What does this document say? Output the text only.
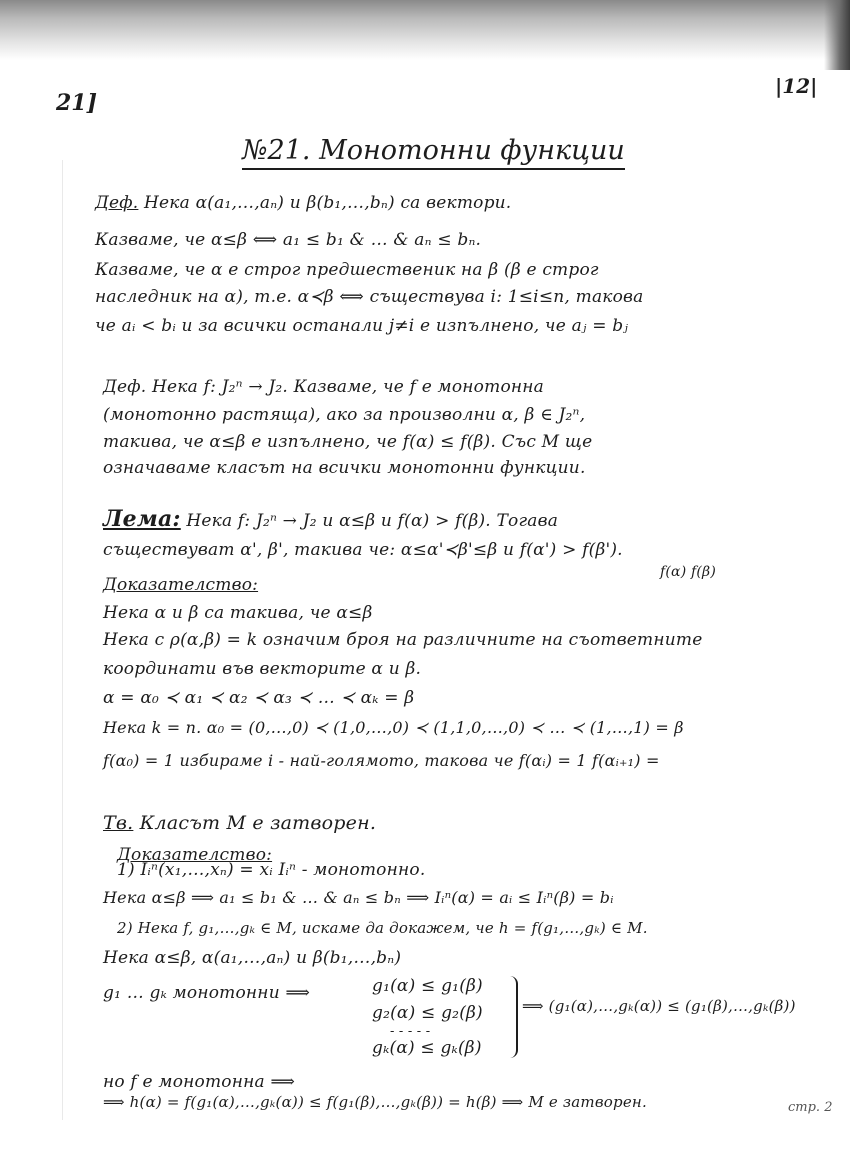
21]
|12|
№21. Монотонни функции
Деф. Нека α(a₁,…,aₙ) и β(b₁,…,bₙ) са вектори.
Казваме, че α≤β ⟺ a₁ ≤ b₁ & … & aₙ ≤ bₙ.
Казваме, че α е строг предшественик на β (β е строг
наследник на α), т.е. α≺β ⟺ съществува i: 1≤i≤n, такова
че aᵢ < bᵢ и за всички останали j≠i е изпълнено, че aⱼ = bⱼ
Деф. Нека f: J₂ⁿ → J₂. Казваме, че f е монотонна
(монотонно растяща), ако за произволни α, β ∈ J₂ⁿ,
такива, че α≤β е изпълнено, че f(α) ≤ f(β). Със M ще
означаваме класът на всички монотонни функции.
Лема: Нека f: J₂ⁿ → J₂ и α≤β и f(α) > f(β). Тогава
съществуват α', β', такива че: α≤α'≺β'≤β и f(α') > f(β').
f(α) f(β)
Доказателство:
Нека α и β са такива, че α≤β
Нека с ρ(α,β) = k означим броя на различните на съответните
координати във векторите α и β.
α = α₀ ≺ α₁ ≺ α₂ ≺ α₃ ≺ … ≺ αₖ = β
Нека k = n. α₀ = (0,…,0) ≺ (1,0,…,0) ≺ (1,1,0,…,0) ≺ … ≺ (1,…,1) = β
f(α₀) = 1 избираме i - най-голямото, такова че f(αᵢ) = 1 f(αᵢ₊₁) =
Тв. Класът M е затворен.
Доказателство:
1) Iᵢⁿ(x₁,…,xₙ) = xᵢ Iᵢⁿ - монотонно.
Нека α≤β ⟹ a₁ ≤ b₁ & … & aₙ ≤ bₙ ⟹ Iᵢⁿ(α) = aᵢ ≤ Iᵢⁿ(β) = bᵢ
2) Нека f, g₁,…,gₖ ∈ M, искаме да докажем, че h = f(g₁,…,gₖ) ∈ M.
Нека α≤β, α(a₁,…,aₙ) и β(b₁,…,bₙ)
g₁ … gₖ монотонни ⟹	g₁(α) ≤ g₁(β)
g₂(α) ≤ g₂(β)
- - - - -
gₖ(α) ≤ gₖ(β)
⟹ (g₁(α),…,gₖ(α)) ≤ (g₁(β),…,gₖ(β))
но f е монотонна ⟹
⟹ h(α) = f(g₁(α),…,gₖ(α)) ≤ f(g₁(β),…,gₖ(β)) = h(β) ⟹ M е затворен.	стр. 2
